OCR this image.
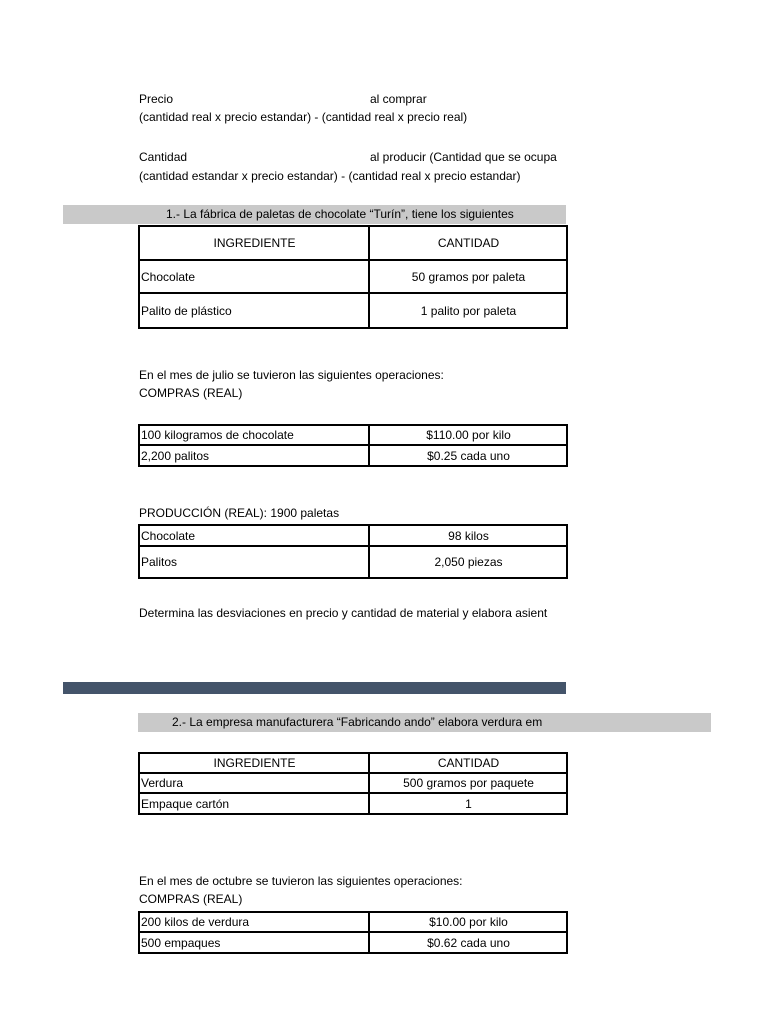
Precio	al comprar
(cantidad real x precio estandar) - (cantidad real x precio real)
Cantidad	al producir (Cantidad que se ocupa
(cantidad estandar x precio estandar) - (cantidad real x precio estandar)
1.- La fábrica de paletas de chocolate “Turín”, tiene los siguientes
INGREDIENTE	CANTIDAD
Chocolate	50 gramos por paleta
Palito de plástico	1 palito por paleta
En el mes de julio se tuvieron las siguientes operaciones:
COMPRAS (REAL)
100 kilogramos de chocolate	$110.00 por kilo
2,200 palitos	$0.25 cada uno
PRODUCCIÓN (REAL): 1900 paletas
Chocolate	98 kilos
Palitos	2,050 piezas
Determina las desviaciones en precio y cantidad de material y elabora asient
2.- La empresa manufacturera “Fabricando ando” elabora verdura em
INGREDIENTE	CANTIDAD
Verdura	500 gramos por paquete
Empaque cartón	1
En el mes de octubre se tuvieron las siguientes operaciones:
COMPRAS (REAL)
200 kilos de verdura	$10.00 por kilo
500 empaques	$0.62 cada uno
